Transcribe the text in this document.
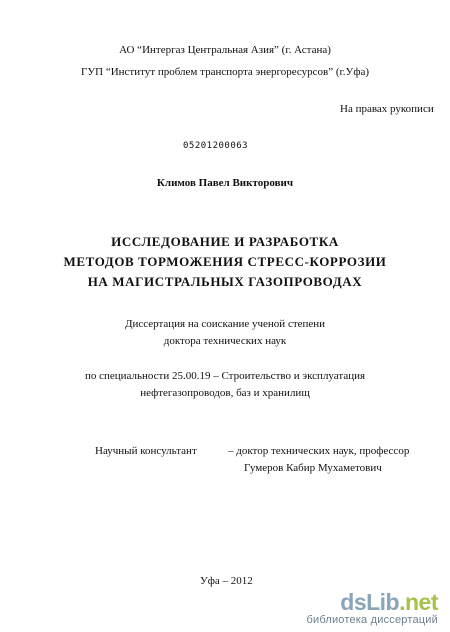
АО “Интергаз Центральная Азия” (г. Астана)
ГУП “Институт проблем транспорта энергоресурсов” (г.Уфа)
На правах рукописи
05201200063
Климов Павел Викторович
ИССЛЕДОВАНИЕ И РАЗРАБОТКА
МЕТОДОВ ТОРМОЖЕНИЯ СТРЕСС-КОРРОЗИИ
НА МАГИСТРАЛЬНЫХ ГАЗОПРОВОДАХ
Диссертация на соискание ученой степени
доктора технических наук
по специальности 25.00.19 – Строительство и эксплуатация
нефтегазопроводов, баз и хранилищ
Научный консультант	– доктор технических наук, профессор
Гумеров Кабир Мухаметович
Уфа – 2012
dsLib.net
библиотека диссертаций
